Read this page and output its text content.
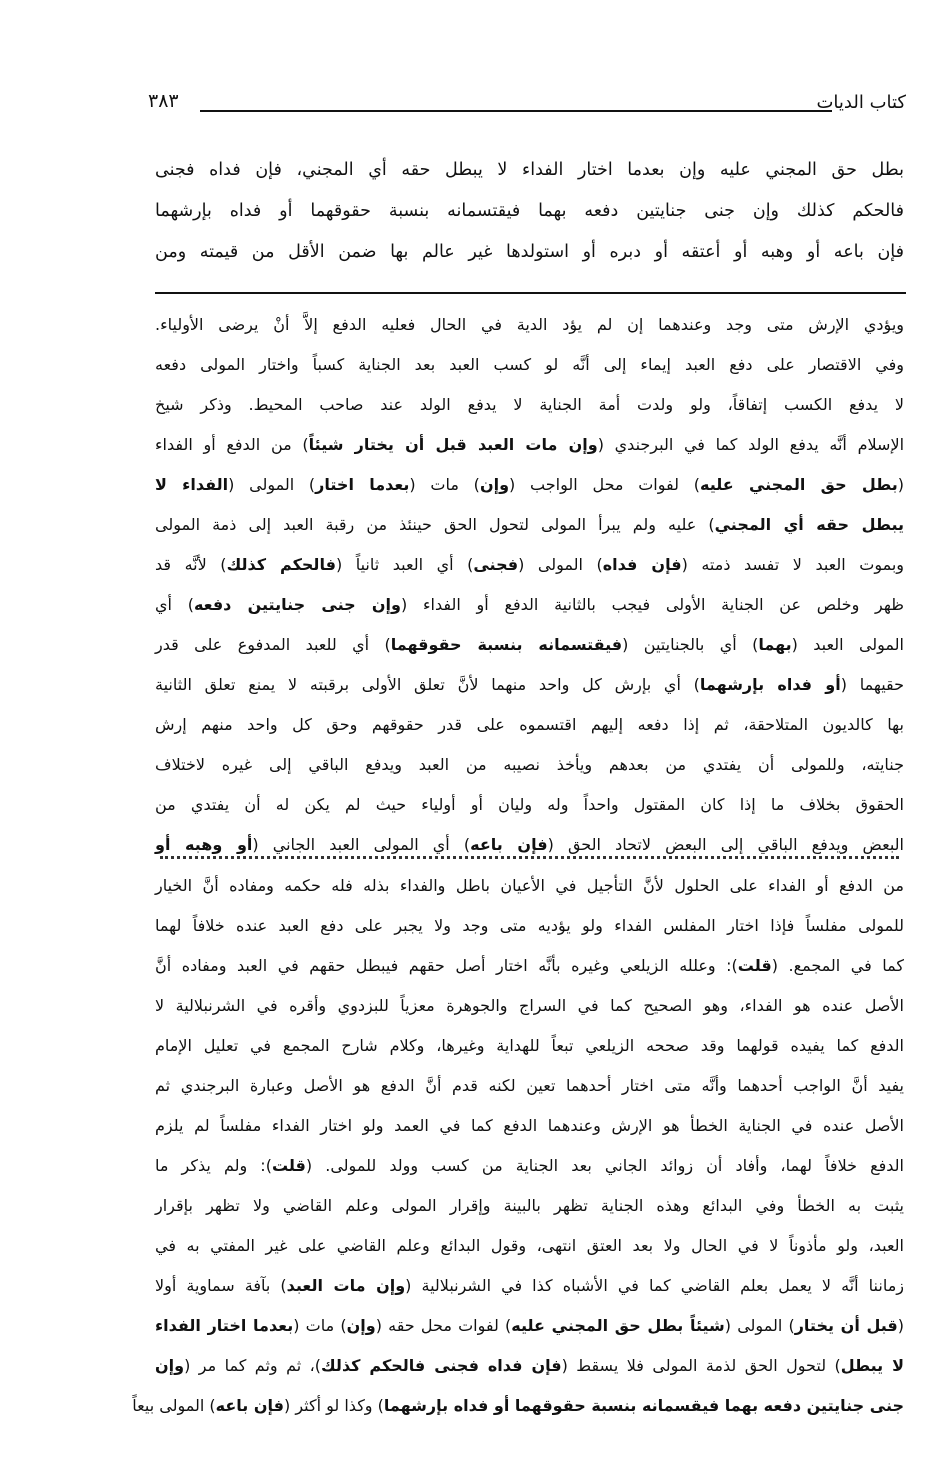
كتاب الديات
٣٨٣
بطل حق المجني عليه وإن بعدما اختار الفداء لا يبطل حقه أي المجني، فإن فداه فجنى
فالحكم كذلك وإن جنى جنايتين دفعه بهما فيقتسمانه بنسبة حقوقهما أو فداه بإرشهما
فإن باعه أو وهبه أو أعتقه أو دبره أو استولدها غير عالم بها ضمن الأقل من قيمته ومن
ويؤدي الإرش متى وجد وعندهما إن لم يؤد الدية في الحال فعليه الدفع إلاَّ أنْ يرضى الأولياء.
وفي الاقتصار على دفع العبد إيماء إلى أنَّه لو كسب العبد بعد الجناية كسباً واختار المولى دفعه
لا يدفع الكسب إتفاقاً، ولو ولدت أمة الجناية لا يدفع الولد عند صاحب المحيط. وذكر شيخ
الإسلام أنَّه يدفع الولد كما في البرجندي (وإن مات العبد قبل أن يختار شيئاً) من الدفع أو الفداء
(بطل حق المجني عليه) لفوات محل الواجب (وإن) مات (بعدما اختار) المولى (الفداء لا
يبطل حقه أي المجني) عليه ولم يبرأ المولى لتحول الحق حينئذ من رقبة العبد إلى ذمة المولى
وبموت العبد لا تفسد ذمته (فإن فداه) المولى (فجنى) أي العبد ثانياً (فالحكم كذلك) لأنَّه قد
ظهر وخلص عن الجناية الأولى فيجب بالثانية الدفع أو الفداء (وإن جنى جنايتين دفعه) أي
المولى العبد (بهما) أي بالجنايتين (فيقتسمانه بنسبة حقوقهما) أي للعبد المدفوع على قدر
حقيهما (أو فداه بإرشهما) أي بإرش كل واحد منهما لأنَّ تعلق الأولى برقبته لا يمنع تعلق الثانية
بها كالديون المتلاحقة، ثم إذا دفعه إليهم اقتسموه على قدر حقوقهم وحق كل واحد منهم إرش
جنايته، وللمولى أن يفتدي من بعدهم ويأخذ نصيبه من العبد ويدفع الباقي إلى غيره لاختلاف
الحقوق بخلاف ما إذا كان المقتول واحداً وله وليان أو أولياء حيث لم يكن له أن يفتدي من
البعض ويدفع الباقي إلى البعض لاتحاد الحق (فإن باعه) أي المولى العبد الجاني (أو وهبه أو
من الدفع أو الفداء على الحلول لأنَّ التأجيل في الأعيان باطل والفداء بذله فله حكمه ومفاده أنَّ الخيار
للمولى مفلساً فإذا اختار المفلس الفداء ولو يؤديه متى وجد ولا يجبر على دفع العبد عنده خلافاً لهما
كما في المجمع. (قلت): وعلله الزيلعي وغيره بأنَّه اختار أصل حقهم فيبطل حقهم في العبد ومفاده أنَّ
الأصل عنده هو الفداء، وهو الصحيح كما في السراج والجوهرة معزياً للبزدوي وأقره في الشرنبلالية لا
الدفع كما يفيده قولهما وقد صححه الزيلعي تبعاً للهداية وغيرها، وكلام شارح المجمع في تعليل الإمام
يفيد أنَّ الواجب أحدهما وأنَّه متى اختار أحدهما تعين لكنه قدم أنَّ الدفع هو الأصل وعبارة البرجندي ثم
الأصل عنده في الجناية الخطأ هو الإرش وعندهما الدفع كما في العمد ولو اختار الفداء مفلساً لم يلزم
الدفع خلافاً لهما، وأفاد أن زوائد الجاني بعد الجناية من كسب وولد للمولى. (قلت): ولم يذكر ما
يثبت به الخطأ وفي البدائع وهذه الجناية تظهر بالبينة وإقرار المولى وعلم القاضي ولا تظهر بإقرار
العبد، ولو مأذوناً لا في الحال ولا بعد العتق انتهى، وقول البدائع وعلم القاضي على غير المفتي به في
زماننا أنَّه لا يعمل بعلم القاضي كما في الأشباه كذا في الشرنبلالية (وإن مات العبد) بآفة سماوية أولا
(قبل أن يختار) المولى (شيئاً بطل حق المجني عليه) لفوات محل حقه (وإن) مات (بعدما اختار الفداء
لا يبطل) لتحول الحق لذمة المولى فلا يسقط (فإن فداه فجنى فالحكم كذلك)، ثم وثم كما مر (وإن
جنى جنايتين دفعه بهما فيقسمانه بنسبة حقوقهما أو فداه بإرشهما) وكذا لو أكثر (فإن باعه) المولى بيعاً
